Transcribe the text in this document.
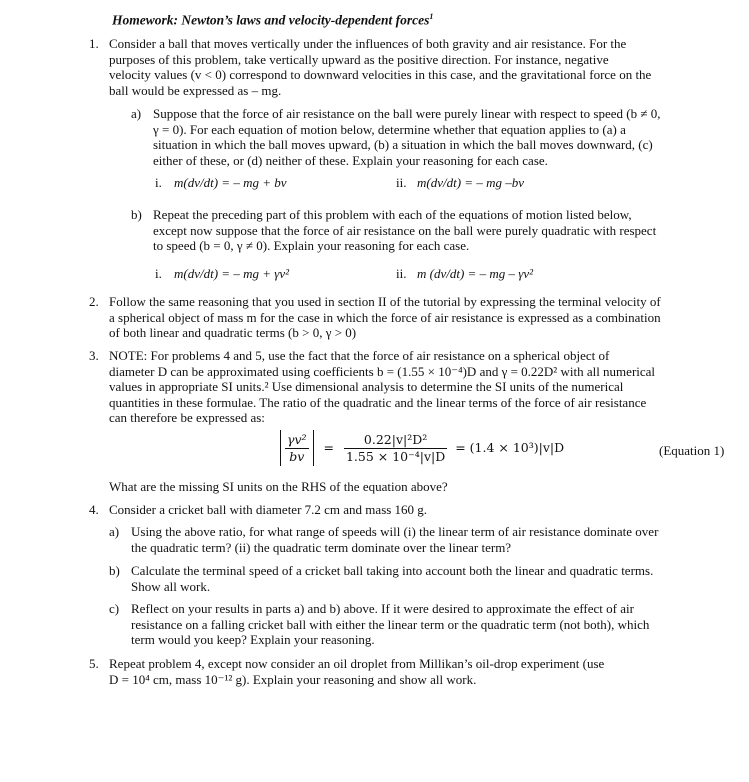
Homework: Newton’s laws and velocity-dependent forces$^1$
1. Consider a ball that moves vertically under the influences of both gravity and air resistance. For the

purposes of this problem, take vertically upward as the positive direction. For instance, negative

velocity values (v < 0) correspond to downward velocities in this case, and the gravitational force on the

ball would be expressed as – mg.

a) Suppose that the force of air resistance on the ball were purely linear with respect to speed (b ≠ 0,

γ = 0). For each equation of motion below, determine whether that equation applies to (a) a

situation in which the ball moves upward, (b) a situation in which the ball moves downward, (c)

either of these, or (d) neither of these. Explain your reasoning for each case.

i. m(dv/dt) = – mg + bv	ii. m(dv/dt) = – mg –bv
b) Repeat the preceding part of this problem with each of the equations of motion listed below,

except now suppose that the force of air resistance on the ball were purely quadratic with respect

to speed (b = 0, γ ≠ 0). Explain your reasoning for each case.

i. m(dv/dt) = – mg + γv²	ii. m (dv/dt) = – mg – γv²
2. Follow the same reasoning that you used in section II of the tutorial by expressing the terminal velocity of

a spherical object of mass m for the case in which the force of air resistance is expressed as a combination

of both linear and quadratic terms (b > 0, γ > 0)

3. NOTE: For problems 4 and 5, use the fact that the force of air resistance on a spherical object of

diameter D can be approximated using coefficients b = (1.55 × 10⁻⁴)D and γ = 0.22D² with all numerical

values in appropriate SI units.² Use dimensional analysis to determine the SI units of the numerical

quantities in these formulae. The ratio of the quadratic and the linear terms of the force of air resistance

can therefore be expressed as:

$\frac{\text{γv²}}{bv} = \frac{\text{0.22|v|²D²}}{\text{1.55 × 10⁻⁴|v|D}} = (1.4 \times 10^3)|v|D$	(Equation 1)
What are the missing SI units on the RHS of the equation above?
4. Consider a cricket ball with diameter 7.2 cm and mass 160 g.
a) Using the above ratio, for what range of speeds will (i) the linear term of air resistance dominate over

the quadratic term? (ii) the quadratic term dominate over the linear term?

b) Calculate the terminal speed of a cricket ball taking into account both the linear and quadratic terms.

Show all work.

c) Reflect on your results in parts a) and b) above. If it were desired to approximate the effect of air

resistance on a falling cricket ball with either the linear term or the quadratic term (not both), which

term would you keep? Explain your reasoning.

5. Repeat problem 4, except now consider an oil droplet from Millikan’s oil-drop experiment (use

D = 10⁴ cm, mass 10⁻¹² g). Explain your reasoning and show all work.
